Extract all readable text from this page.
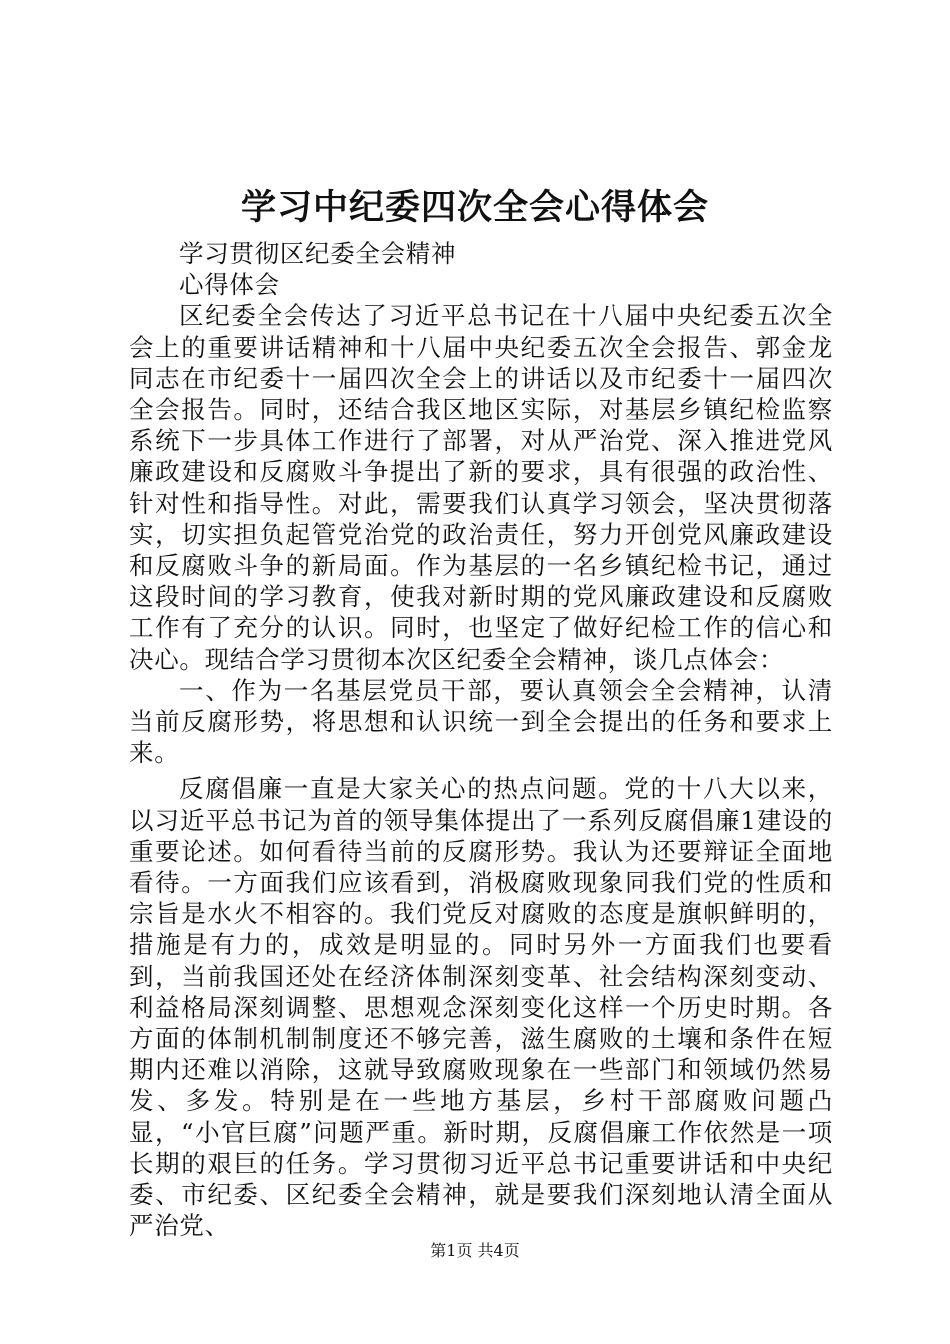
学习中纪委四次全会心得体会

学习贯彻区纪委全会精神

心得体会

区纪委全会传达了习近平总书记在十八届中央纪委五次全会上的重要讲话精神和十八届中央纪委五次全会报告、郭金龙同志在市纪委十一届四次全会上的讲话以及市纪委十一届四次全会报告。同时，还结合我区地区实际，对基层乡镇纪检监察系统下一步具体工作进行了部署，对从严治党、深入推进党风廉政建设和反腐败斗争提出了新的要求，具有很强的政治性、针对性和指导性。对此，需要我们认真学习领会，坚决贯彻落实，切实担负起管党治党的政治责任，努力开创党风廉政建设和反腐败斗争的新局面。作为基层的一名乡镇纪检书记，通过这段时间的学习教育，使我对新时期的党风廉政建设和反腐败工作有了充分的认识。同时，也坚定了做好纪检工作的信心和决心。现结合学习贯彻本次区纪委全会精神，谈几点体会：

一、作为一名基层党员干部，要认真领会全会精神，认清当前反腐形势，将思想和认识统一到全会提出的任务和要求上来。

反腐倡廉一直是大家关心的热点问题。党的十八大以来，以习近平总书记为首的领导集体提出了一系列反腐倡廉1建设的重要论述。如何看待当前的反腐形势。我认为还要辩证全面地看待。一方面我们应该看到，消极腐败现象同我们党的性质和宗旨是水火不相容的。我们党反对腐败的态度是旗帜鲜明的，措施是有力的，成效是明显的。同时另外一方面我们也要看到，当前我国还处在经济体制深刻变革、社会结构深刻变动、利益格局深刻调整、思想观念深刻变化这样一个历史时期。各方面的体制机制制度还不够完善，滋生腐败的土壤和条件在短期内还难以消除，这就导致腐败现象在一些部门和领域仍然易发、多发。特别是在一些地方基层，乡村干部腐败问题凸显，“小官巨腐”问题严重。新时期，反腐倡廉工作依然是一项长期的艰巨的任务。学习贯彻习近平总书记重要讲话和中央纪委、市纪委、区纪委全会精神，就是要我们深刻地认清全面从严治党、

第1页 共4页
